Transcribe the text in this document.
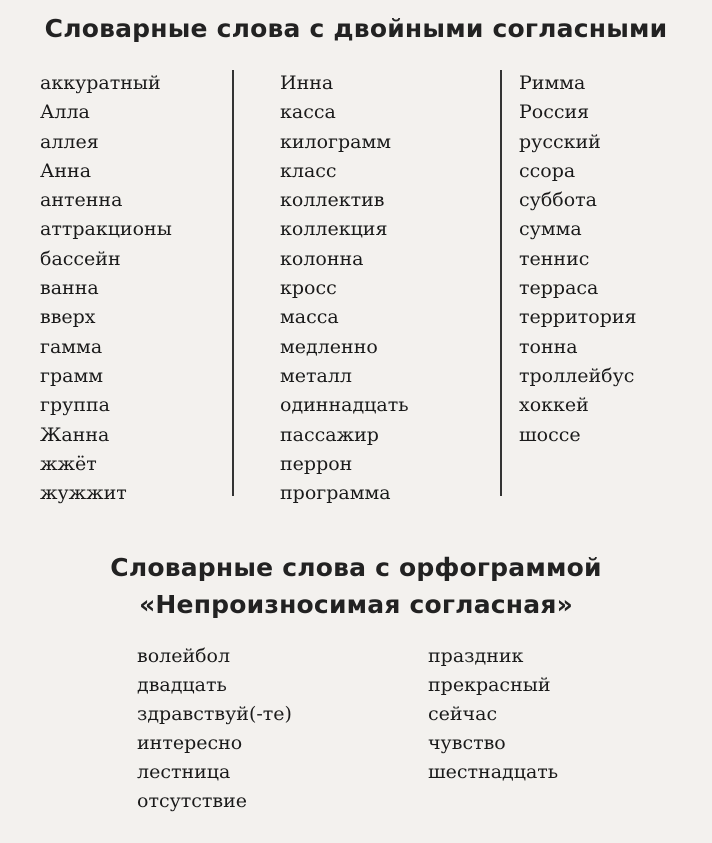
Словарные слова с двойными согласными
аккуратный
Алла
аллея
Анна
антенна
аттракционы
бассейн
ванна
вверх
гамма
грамм
группа
Жанна
жжёт
жужжит
Инна
касса
килограмм
класс
коллектив
коллекция
колонна
кросс
масса
медленно
металл
одиннадцать
пассажир
перрон
программа
Римма
Россия
русский
ссора
суббота
сумма
теннис
терраса
территория
тонна
троллейбус
хоккей
шоссе
Словарные слова с орфограммой
«Непроизносимая согласная»
волейбол
двадцать
здравствуй(-те)
интересно
лестница
отсутствие
праздник
прекрасный
сейчас
чувство
шестнадцать
